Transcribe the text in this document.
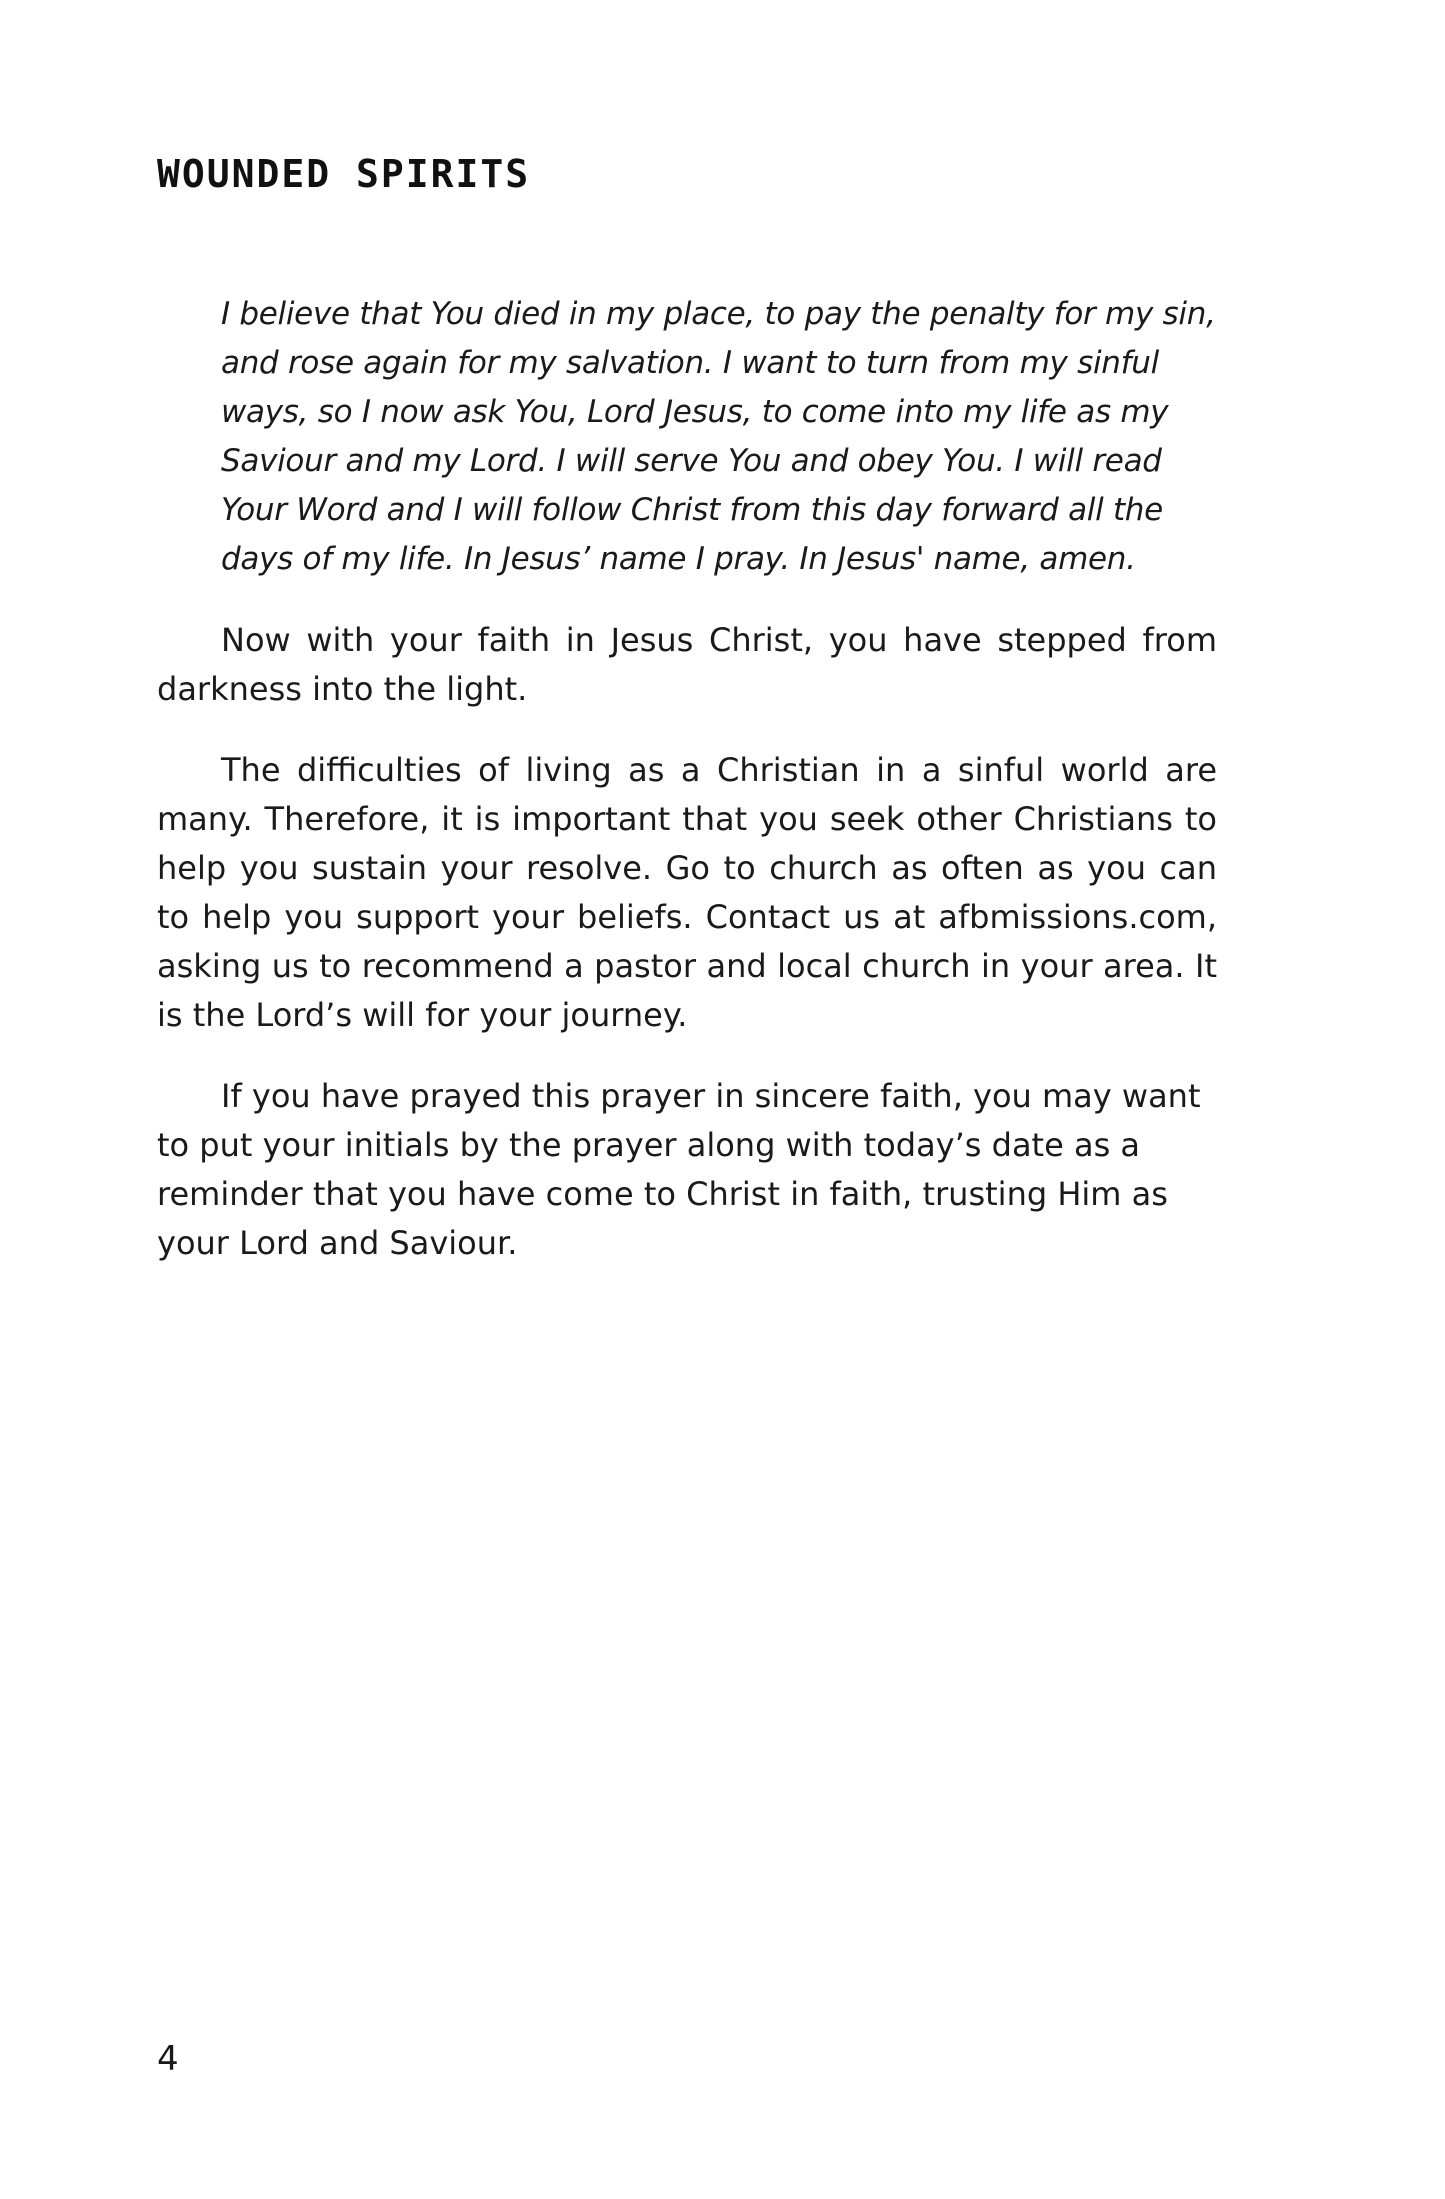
WOUNDED SPIRITS

I believe that You died in my place, to pay the penalty for my sin, and rose again for my salvation. I want to turn from my sinful ways, so I now ask You, Lord Jesus, to come into my life as my Saviour and my Lord. I will serve You and obey You. I will read Your Word and I will follow Christ from this day forward all the days of my life. In Jesus’ name I pray. In Jesus' name, amen.

Now with your faith in Jesus Christ, you have stepped from darkness into the light.

The difficulties of living as a Christian in a sinful world are many. Therefore, it is important that you seek other Christians to help you sustain your resolve. Go to church as often as you can to help you support your beliefs. Contact us at afbmissions.com, asking us to recommend a pastor and local church in your area. It is the Lord’s will for your journey.

If you have prayed this prayer in sincere faith, you may want to put your initials by the prayer along with today’s date as a reminder that you have come to Christ in faith, trusting Him as your Lord and Saviour.

4
